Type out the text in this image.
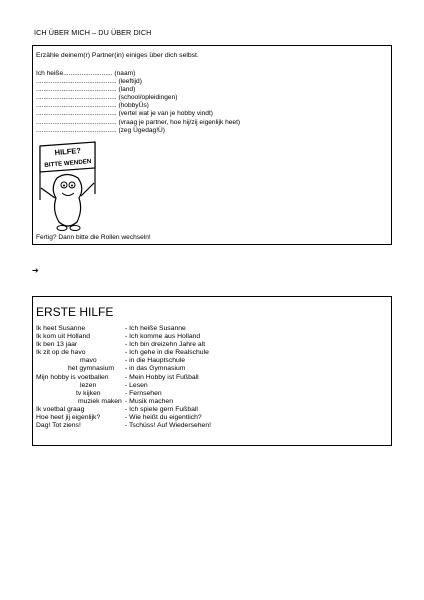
ICH ÜBER MICH – DU ÜBER DICH
Erzähle deinem(r) Partner(in) einiges über dich selbst.
Ich heiße........................... (naam)
............................................ (leeftijd)
............................................ (land)
............................................ (school/opleidingen)
............................................ (hobbyÜs)
............................................ (vertel wat je van je hobby vindt)
............................................ (vraag je partner, hoe hij/zij eigenlijk heet)
............................................ (zeg Ügedag!Ü)
HILFE?
BITTE WENDEN
Fertig? Dann bitte die Rollen wechseln!
➔
ERSTE HILFE
Ik heet Susanne	- Ich heiße Susanne
Ik kom uit Holland	- Ich komme aus Holland
Ik ben 13 jaar	- Ich bin dreizehn Jahre alt
Ik zit op de havo	- Ich gehe in die Realschule
mavo	- in die Hauptschule
het gymnasium - in das Gymnasium
Mijn hobby is voetballen - Mein Hobby ist Fußball
lezen	- Lesen
tv kijken	- Fernsehen
muziek maken - Musik machen
Ik voetbal graag	- Ich spiele gern Fußball
Hoe heet jij eigenlijk?	- Wie heißt du eigentlich?
Dag! Tot ziens!	- Tschüss! Auf Wiedersehen!
